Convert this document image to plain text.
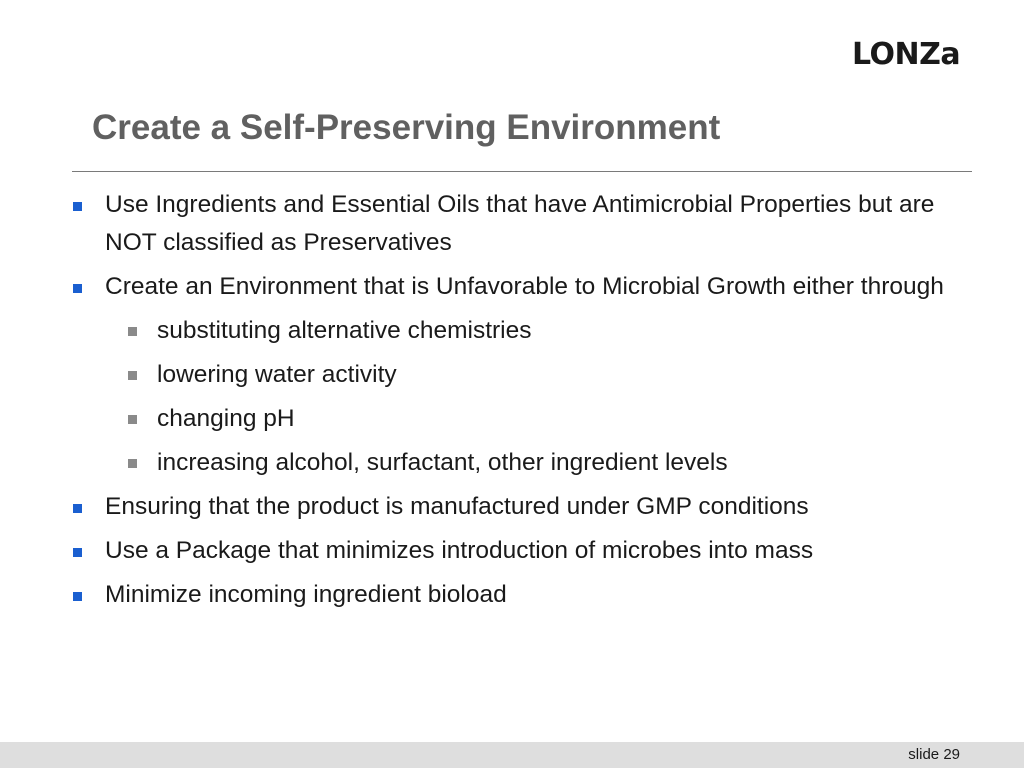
LONZa
Create a Self-Preserving Environment
Use Ingredients and Essential Oils that have Antimicrobial Properties but are NOT classified as Preservatives
Create an Environment that is Unfavorable to Microbial Growth either through
substituting alternative chemistries
lowering water activity
changing pH
increasing alcohol, surfactant, other ingredient levels
Ensuring that the product is manufactured under GMP conditions
Use a Package that minimizes introduction of microbes into mass
Minimize incoming ingredient bioload
slide 29
